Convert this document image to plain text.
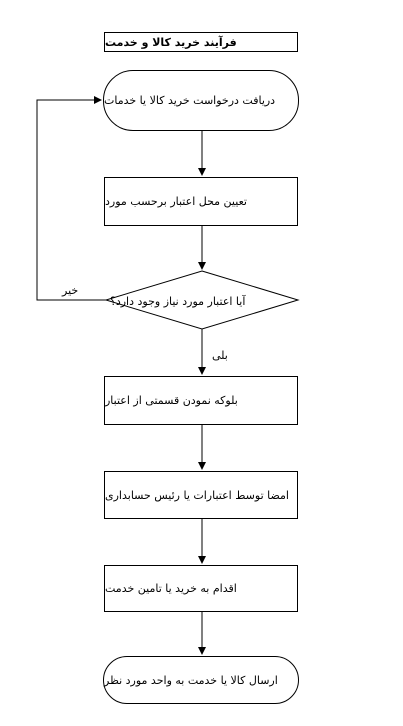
فرآیند خرید کالا و خدمت
دریافت درخواست خرید کالا یا خدمات
تعیین محل اعتبار برحسب مورد
آیا اعتبار مورد نیاز وجود دارد؟
خیر
بلی
بلوکه نمودن قسمتی از اعتبار
امضا توسط اعتبارات یا رئیس حسابداری
اقدام به خرید یا تامین خدمت
ارسال کالا یا خدمت به واحد مورد نظر
